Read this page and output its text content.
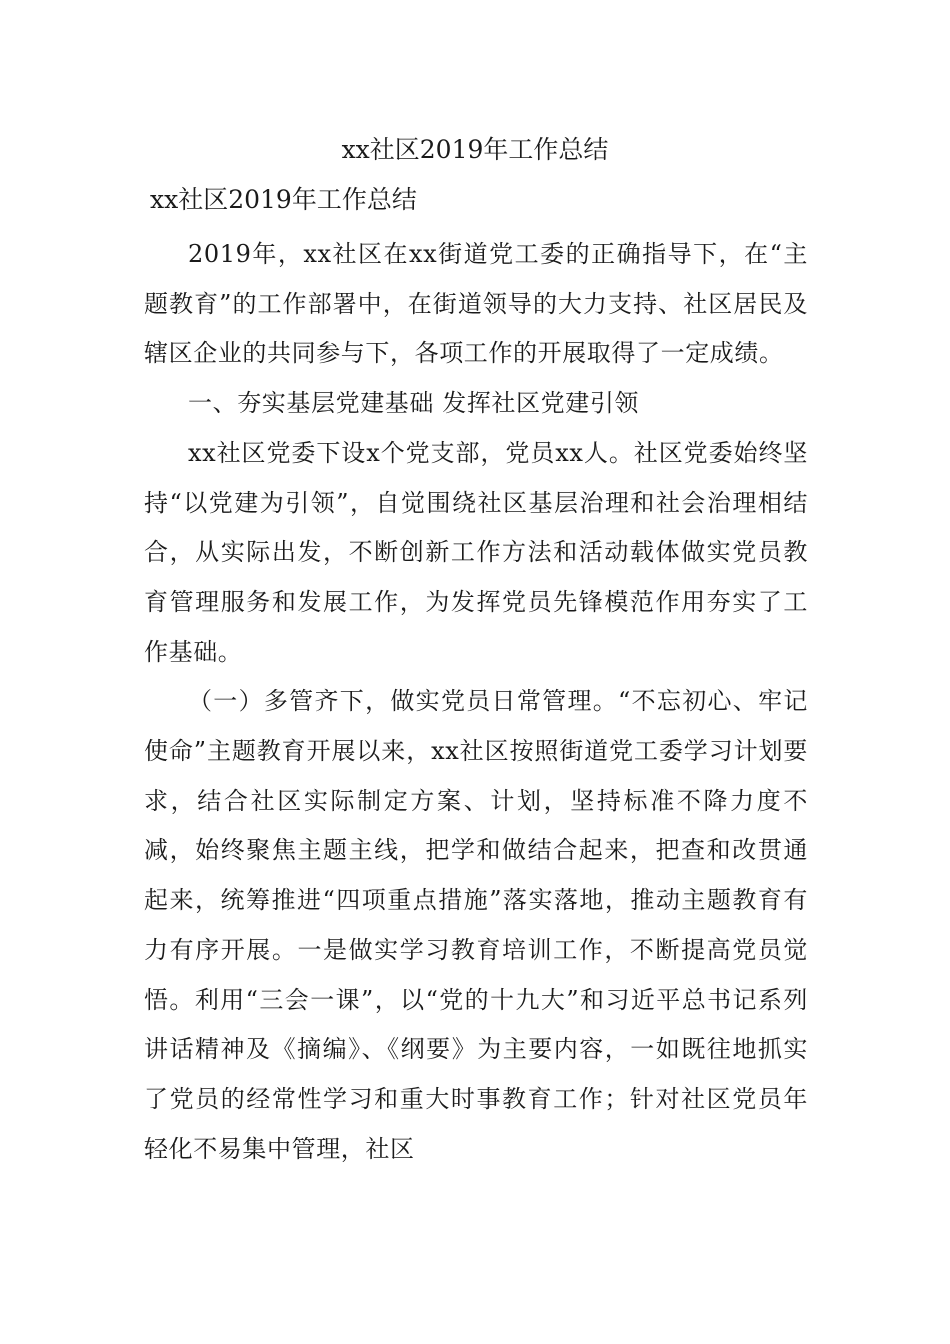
xx社区2019年工作总结
xx社区2019年工作总结

2019年，xx社区在xx街道党工委的正确指导下，在“主题教育”的工作部署中，在街道领导的大力支持、社区居民及辖区企业的共同参与下，各项工作的开展取得了一定成绩。

一、夯实基层党建基础 发挥社区党建引领

xx社区党委下设x个党支部，党员xx人。社区党委始终坚持“以党建为引领”，自觉围绕社区基层治理和社会治理相结合，从实际出发，不断创新工作方法和活动载体做实党员教育管理服务和发展工作，为发挥党员先锋模范作用夯实了工作基础。

（一）多管齐下，做实党员日常管理。“不忘初心、牢记使命”主题教育开展以来，xx社区按照街道党工委学习计划要求，结合社区实际制定方案、计划，坚持标准不降力度不减，始终聚焦主题主线，把学和做结合起来，把查和改贯通起来，统筹推进“四项重点措施”落实落地，推动主题教育有力有序开展。一是做实学习教育培训工作，不断提高党员觉悟。利用“三会一课”，以“党的十九大”和习近平总书记系列讲话精神及《摘编》、《纲要》为主要内容，一如既往地抓实了党员的经常性学习和重大时事教育工作；针对社区党员年轻化不易集中管理，社区
